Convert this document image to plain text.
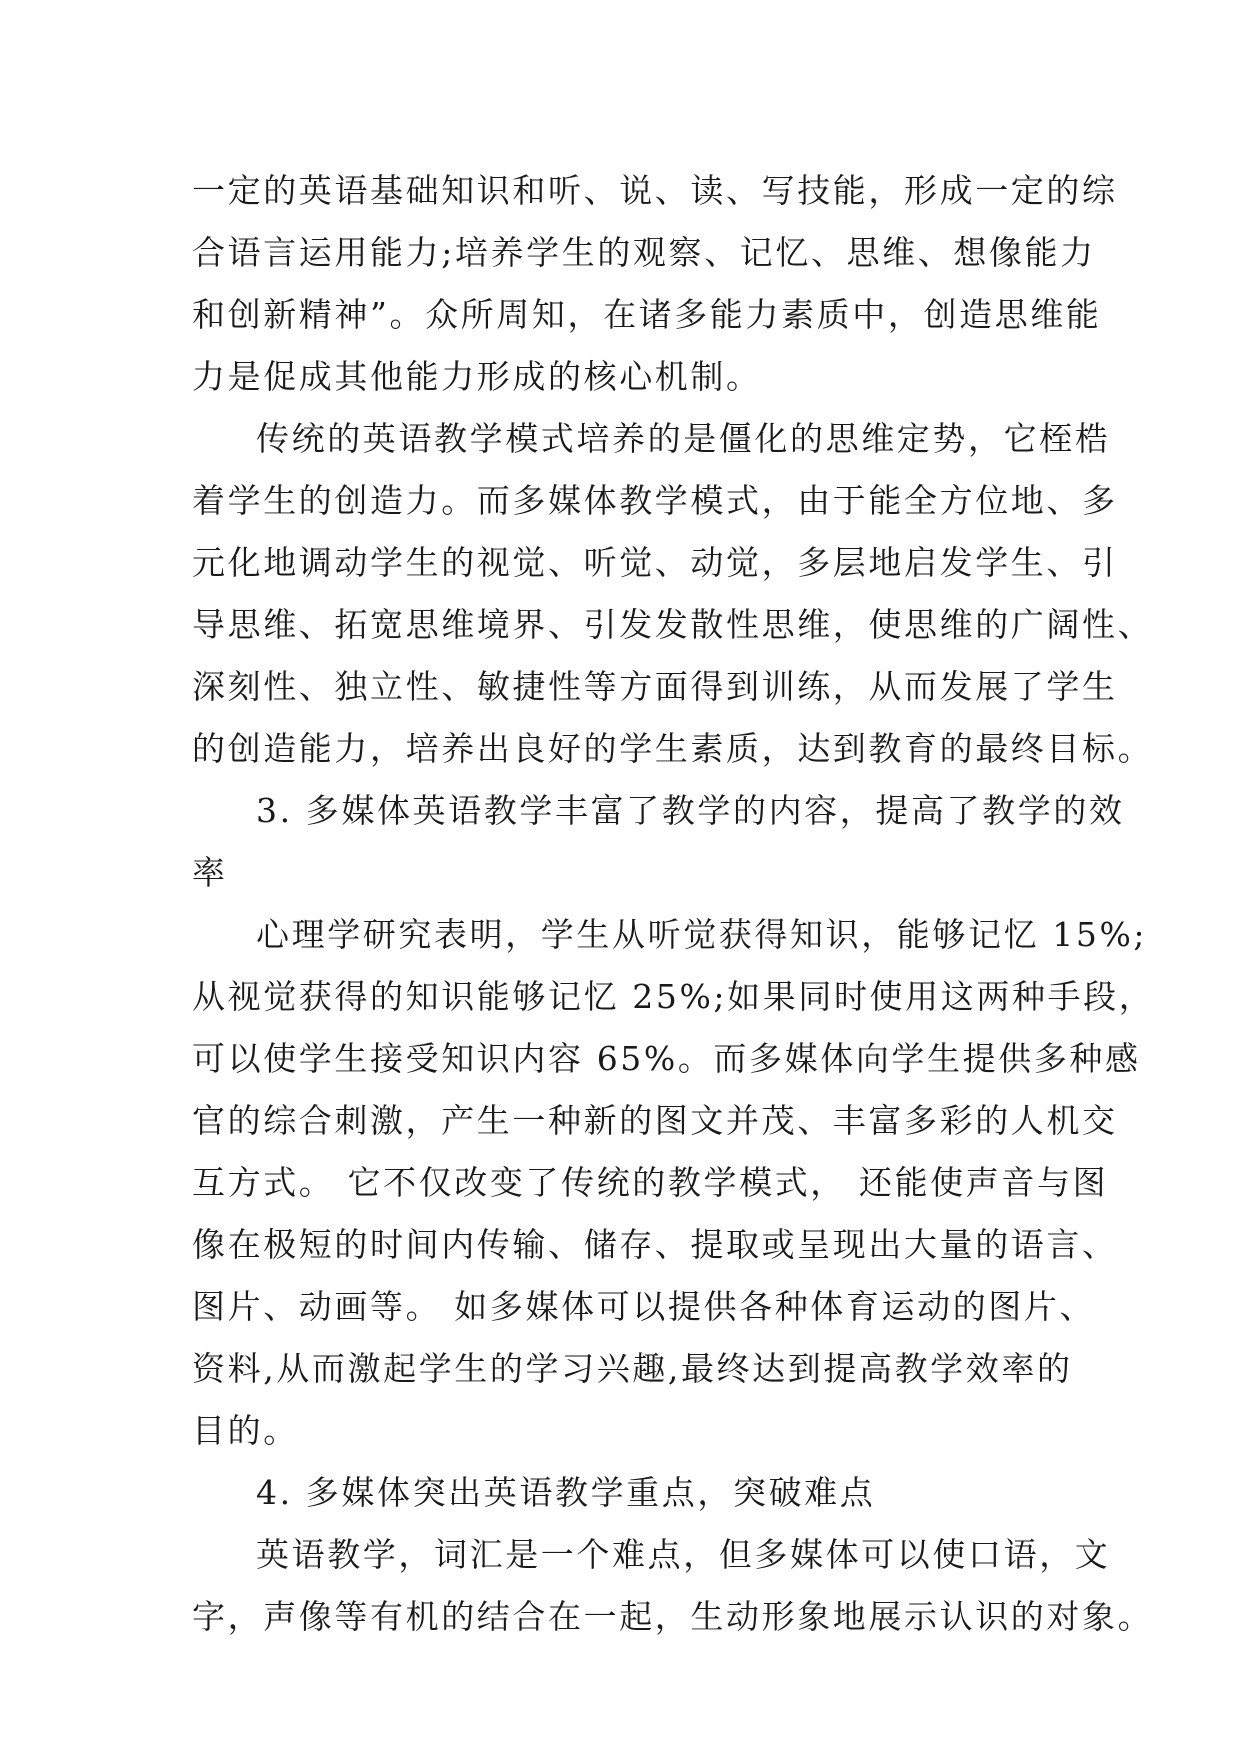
一定的英语基础知识和听、说、读、写技能，形成一定的综
合语言运用能力;培养学生的观察、记忆、思维、想像能力
和创新精神”。众所周知，在诸多能力素质中，创造思维能
力是促成其他能力形成的核心机制。
传统的英语教学模式培养的是僵化的思维定势，它桎梏
着学生的创造力。而多媒体教学模式，由于能全方位地、多
元化地调动学生的视觉、听觉、动觉，多层地启发学生、引
导思维、拓宽思维境界、引发发散性思维，使思维的广阔性、
深刻性、独立性、敏捷性等方面得到训练，从而发展了学生
的创造能力，培养出良好的学生素质，达到教育的最终目标。
3. 多媒体英语教学丰富了教学的内容，提高了教学的效
率
心理学研究表明，学生从听觉获得知识，能够记忆 15%;
从视觉获得的知识能够记忆 25%;如果同时使用这两种手段，
可以使学生接受知识内容 65%。而多媒体向学生提供多种感
官的综合刺激，产生一种新的图文并茂、丰富多彩的人机交
互方式。 它不仅改变了传统的教学模式， 还能使声音与图
像在极短的时间内传输、储存、提取或呈现出大量的语言、
图片、动画等。 如多媒体可以提供各种体育运动的图片、
资料,从而激起学生的学习兴趣,最终达到提高教学效率的
目的。
4. 多媒体突出英语教学重点，突破难点
英语教学，词汇是一个难点，但多媒体可以使口语，文
字，声像等有机的结合在一起，生动形象地展示认识的对象。
